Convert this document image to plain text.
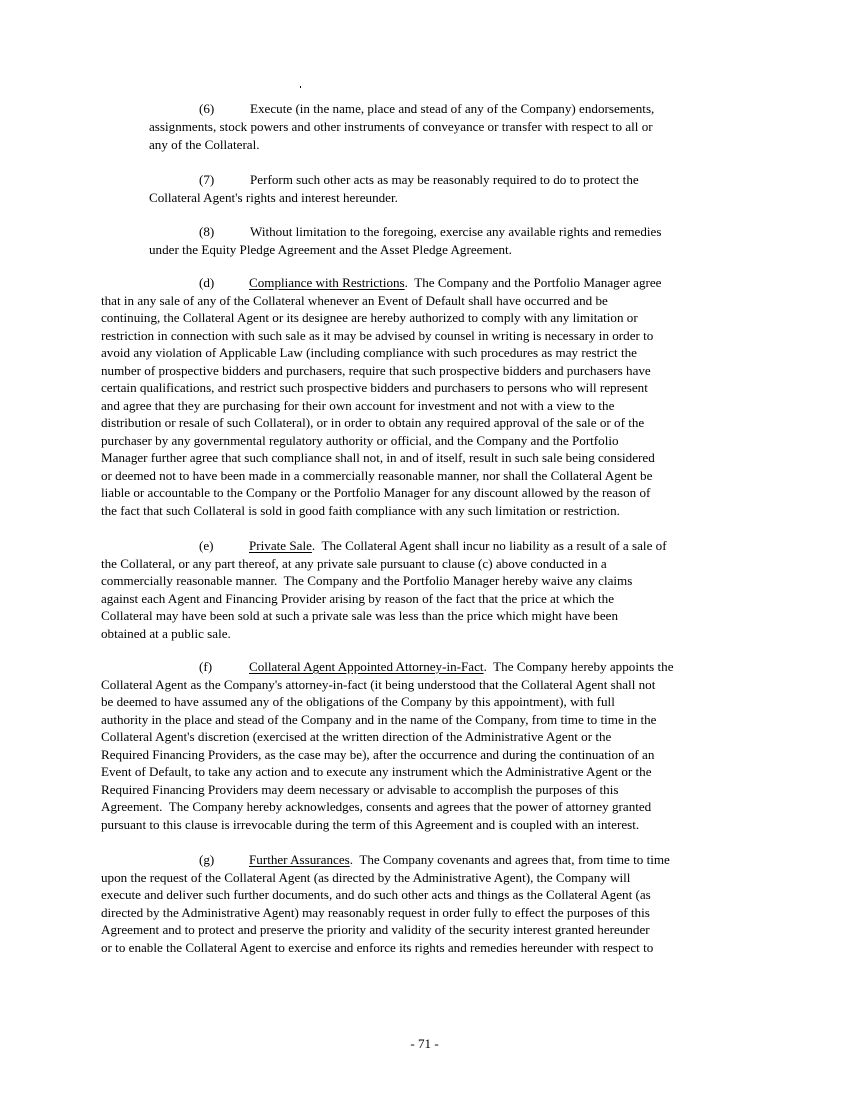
(6)

	Execute (in the name, place and stead of any of the Company) endorsements,

assignments, stock powers and other instruments of conveyance or transfer with respect to all or
any of the Collateral.

(7)

	Perform such other acts as may be reasonably required to do to protect the

Collateral Agent's rights and interest hereunder.

(8)

	Without limitation to the foregoing, exercise any available rights and remedies

under the Equity Pledge Agreement and the Asset Pledge Agreement.
(d)	Compliance with Restrictions.  The Company and the Portfolio Manager agree
that in any sale of any of the Collateral whenever an Event of Default shall have occurred and be
continuing, the Collateral Agent or its designee are hereby authorized to comply with any limitation or
restriction in connection with such sale as it may be advised by counsel in writing is necessary in order to
avoid any violation of Applicable Law (including compliance with such procedures as may restrict the
number of prospective bidders and purchasers, require that such prospective bidders and purchasers have
certain qualifications, and restrict such prospective bidders and purchasers to persons who will represent
and agree that they are purchasing for their own account for investment and not with a view to the
distribution or resale of such Collateral), or in order to obtain any required approval of the sale or of the
purchaser by any governmental regulatory authority or official, and the Company and the Portfolio
Manager further agree that such compliance shall not, in and of itself, result in such sale being considered
or deemed not to have been made in a commercially reasonable manner, nor shall the Collateral Agent be
liable or accountable to the Company or the Portfolio Manager for any discount allowed by the reason of
the fact that such Collateral is sold in good faith compliance with any such limitation or restriction.
(e)	Private Sale.  The Collateral Agent shall incur no liability as a result of a sale of
the Collateral, or any part thereof, at any private sale pursuant to clause (c) above conducted in a
commercially reasonable manner.  The Company and the Portfolio Manager hereby waive any claims
against each Agent and Financing Provider arising by reason of the fact that the price at which the
Collateral may have been sold at such a private sale was less than the price which might have been
obtained at a public sale.
(f)	Collateral Agent Appointed Attorney-in-Fact.  The Company hereby appoints the
Collateral Agent as the Company's attorney-in-fact (it being understood that the Collateral Agent shall not
be deemed to have assumed any of the obligations of the Company by this appointment), with full
authority in the place and stead of the Company and in the name of the Company, from time to time in the
Collateral Agent's discretion (exercised at the written direction of the Administrative Agent or the
Required Financing Providers, as the case may be), after the occurrence and during the continuation of an
Event of Default, to take any action and to execute any instrument which the Administrative Agent or the
Required Financing Providers may deem necessary or advisable to accomplish the purposes of this
Agreement.  The Company hereby acknowledges, consents and agrees that the power of attorney granted
pursuant to this clause is irrevocable during the term of this Agreement and is coupled with an interest.
(g)	Further Assurances.  The Company covenants and agrees that, from time to time
upon the request of the Collateral Agent (as directed by the Administrative Agent), the Company will
execute and deliver such further documents, and do such other acts and things as the Collateral Agent (as
directed by the Administrative Agent) may reasonably request in order fully to effect the purposes of this
Agreement and to protect and preserve the priority and validity of the security interest granted hereunder
or to enable the Collateral Agent to exercise and enforce its rights and remedies hereunder with respect to
- 71 -
